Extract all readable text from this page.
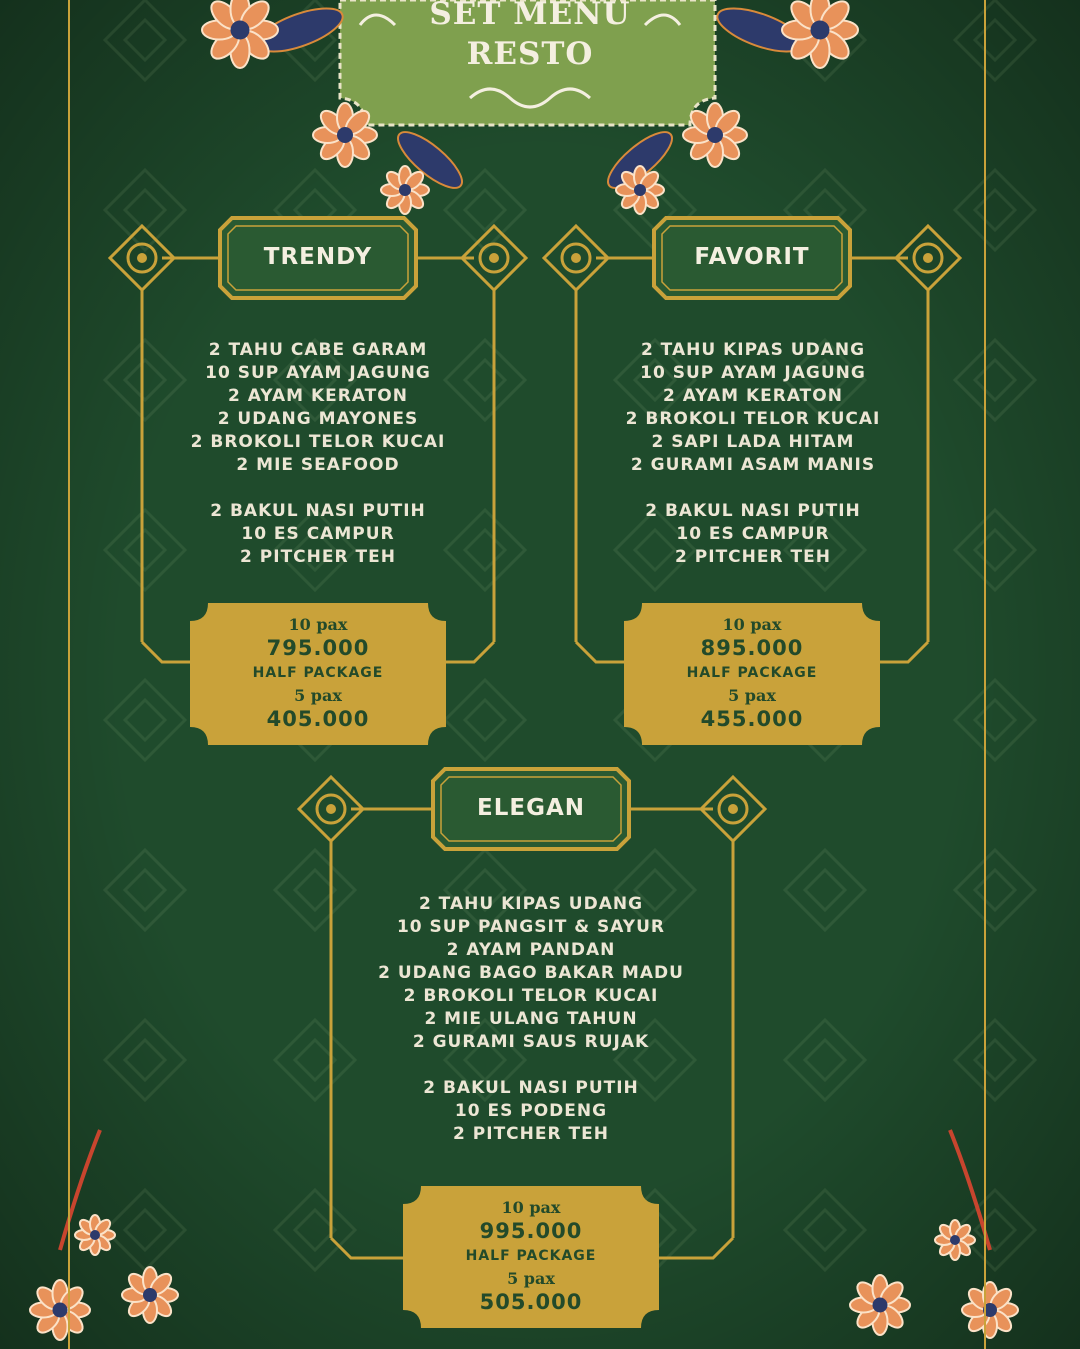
SET MENU
RESTO
TRENDY
2 TAHU CABE GARAM
10 SUP AYAM JAGUNG
2 AYAM KERATON
2 UDANG MAYONES
2 BROKOLI TELOR KUCAI
2 MIE SEAFOOD
2 BAKUL NASI PUTIH
10 ES CAMPUR
2 PITCHER TEH
10 pax
795.000
HALF PACKAGE
5 pax
405.000
FAVORIT
2 TAHU KIPAS UDANG
10 SUP AYAM JAGUNG
2 AYAM KERATON
2 BROKOLI TELOR KUCAI
2 SAPI LADA HITAM
2 GURAMI ASAM MANIS
2 BAKUL NASI PUTIH
10 ES CAMPUR
2 PITCHER TEH
10 pax
895.000
HALF PACKAGE
5 pax
455.000
ELEGAN
2 TAHU KIPAS UDANG
10 SUP PANGSIT & SAYUR
2 AYAM PANDAN
2 UDANG BAGO BAKAR MADU
2 BROKOLI TELOR KUCAI
2 MIE ULANG TAHUN
2 GURAMI SAUS RUJAK
2 BAKUL NASI PUTIH
10 ES PODENG
2 PITCHER TEH
10 pax
995.000
HALF PACKAGE
5 pax
505.000
